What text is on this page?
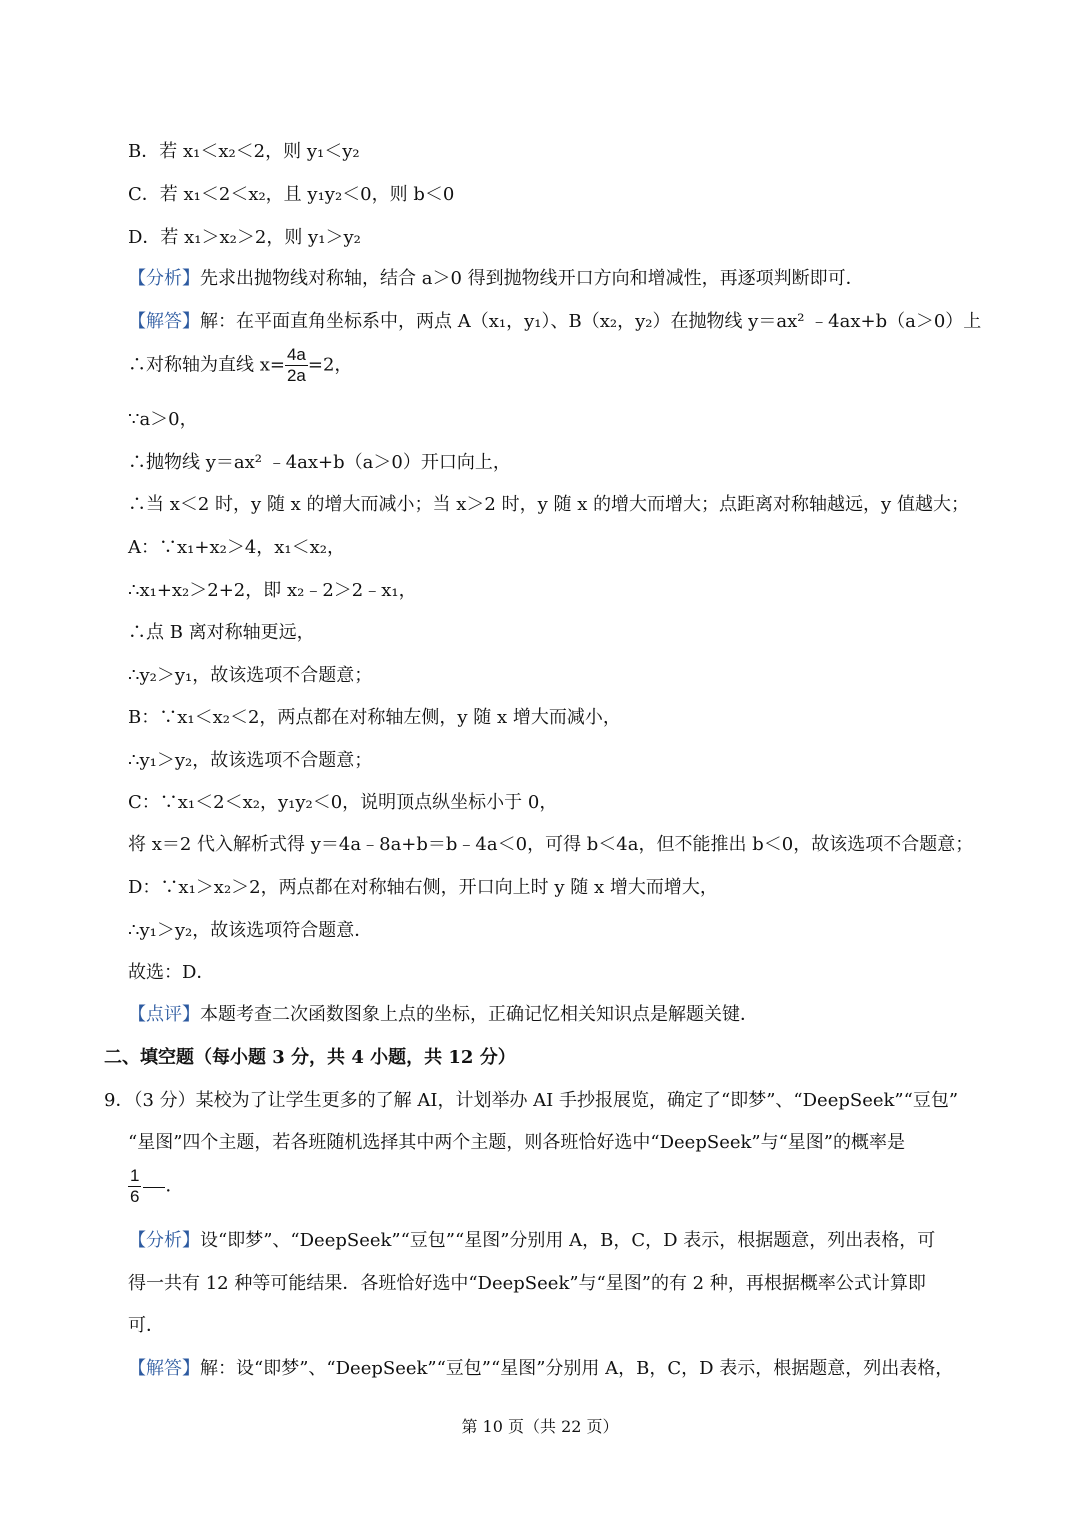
B．若 x₁＜x₂＜2，则 y₁＜y₂
C．若 x₁＜2＜x₂，且 y₁y₂＜0，则 b＜0
D．若 x₁＞x₂＞2，则 y₁＞y₂
【分析】先求出抛物线对称轴，结合 a＞0 得到抛物线开口方向和增减性，再逐项判断即可．
【解答】解：在平面直角坐标系中，两点 A（x₁，y₁）、B（x₂，y₂）在抛物线 y＝ax² ﹣4ax+b（a＞0）上
∴对称轴为直线 $x= \frac{4a}{2a} =2$，
∵a＞0，
∴抛物线 y＝ax² ﹣4ax+b（a＞0）开口向上，
∴当 x＜2 时，y 随 x 的增大而减小；当 x＞2 时，y 随 x 的增大而增大；点距离对称轴越远，y 值越大；
A：∵x₁+x₂＞4，x₁＜x₂，
∴x₁+x₂＞2+2，即 x₂﹣2＞2﹣x₁，
∴点 B 离对称轴更远，
∴y₂＞y₁，故该选项不合题意；
B：∵x₁＜x₂＜2，两点都在对称轴左侧，y 随 x 增大而减小，
∴y₁＞y₂，故该选项不合题意；
C：∵x₁＜2＜x₂，y₁y₂＜0，说明顶点纵坐标小于 0，
将 x＝2 代入解析式得 y＝4a﹣8a+b＝b﹣4a＜0，可得 b＜4a，但不能推出 b＜0，故该选项不合题意；
D：∵x₁＞x₂＞2，两点都在对称轴右侧，开口向上时 y 随 x 增大而增大，
∴y₁＞y₂，故该选项符合题意．
故选：D．
【点评】本题考查二次函数图象上点的坐标，正确记忆相关知识点是解题关键．
二、填空题（每小题 3 分，共 4 小题，共 12 分）
9．（3 分）某校为了让学生更多的了解 AI，计划举办 AI 手抄报展览，确定了“即梦”、“DeepSeek”“豆包”
“星图”四个主题，若各班随机选择其中两个主题，则各班恰好选中“DeepSeek”与“星图”的概率是
$\frac{1}{6}$ ．
【分析】设“即梦”、“DeepSeek”“豆包”“星图”分别用 A，B，C，D 表示，根据题意，列出表格，可
得一共有 12 种等可能结果．各班恰好选中“DeepSeek”与“星图”的有 2 种，再根据概率公式计算即
可．
【解答】解：设“即梦”、“DeepSeek”“豆包”“星图”分别用 A，B，C，D 表示，根据题意，列出表格，
第 10 页（共 22 页）
